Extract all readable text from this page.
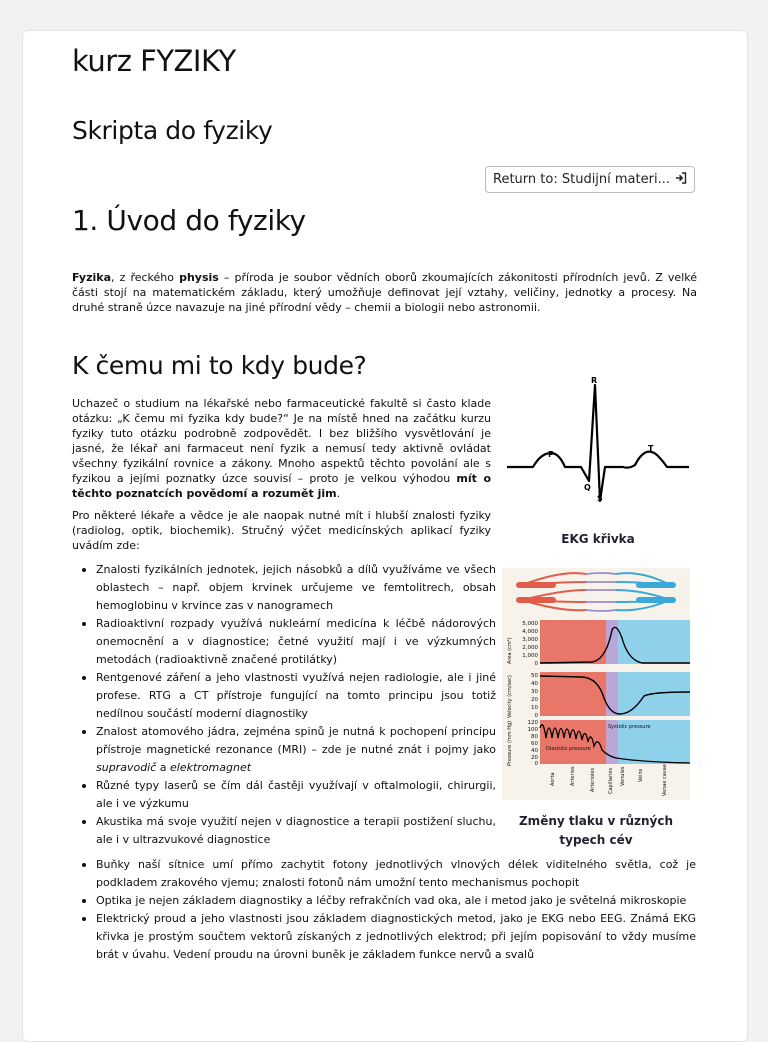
kurz FYZIKY
Skripta do fyziky
Return to: Studijní materi...
1. Úvod do fyziky

Fyzika, z řeckého physis – příroda je soubor vědních oborů zkoumajících zákonitosti přírodních jevů. Z velké části stojí na matematickém základu, který umožňuje definovat její vztahy, veličiny, jednotky a procesy. Na druhé straně úzce navazuje na jiné přírodní vědy – chemii a biologii nebo astronomii.

K čemu mi to kdy bude?

Uchazeč o studium na lékařské nebo farmaceutické fakultě si často klade otázku: „K čemu mi fyzika kdy bude?“ Je na místě hned na začátku kurzu fyziky tuto otázku podrobně zodpovědět. I bez bližšího vysvětlování je jasné, že lékař ani farmaceut není fyzik a nemusí tedy aktivně ovládat všechny fyzikální rovnice a zákony. Mnoho aspektů těchto povolání ale s fyzikou a jejími poznatky úzce souvisí – proto je velkou výhodou mít o těchto poznatcích povědomí a rozumět jim.

Pro některé lékaře a vědce je ale naopak nutné mít i hlubší znalosti fyziky (radiolog, optik, biochemik). Stručný výčet medicínských aplikací fyziky uvádím zde:

R
P
T
Q
S
EKG křivka
5,000
4,000
3,000
2,000
1,000
0
50
40
30
20
10
0
120
100
80
60
40
20
0
Area (cm²)
Velocity (cm/sec)
Pressure (mm Hg)	Systolic pressure
Diastolic pressure
Aorta	Arteries	Arterioles Capillaries Venules Veins	Venae cavae
Změny tlaku v různých typech cév
Znalosti fyzikálních jednotek, jejich násobků a dílů využíváme ve všech oblastech – např. objem krvinek určujeme ve femtolitrech, obsah hemoglobinu v krvince zas v nanogramech
Radioaktivní rozpady využívá nukleární medicína k léčbě nádorových onemocnění a v diagnostice; četné využití mají i ve výzkumných metodách (radioaktivně značené protilátky)
Rentgenové záření a jeho vlastnosti využívá nejen radiologie, ale i jiné profese. RTG a CT přístroje fungující na tomto principu jsou totiž nedílnou součástí moderní diagnostiky
Znalost atomového jádra, zejména spinů je nutná k pochopení principu přístroje magnetické rezonance (MRI) – zde je nutné znát i pojmy jako supravodič a elektromagnet
Různé typy laserů se čím dál častěji využívají v oftalmologii, chirurgii, ale i ve výzkumu
Akustika má svoje využití nejen v diagnostice a terapii postižení sluchu, ale i v ultrazvukové diagnostice
Buňky naší sítnice umí přímo zachytit fotony jednotlivých vlnových délek viditelného světla, což je podkladem zrakového vjemu; znalosti fotonů nám umožní tento mechanismus pochopit
Optika je nejen základem diagnostiky a léčby refrakčních vad oka, ale i metod jako je světelná mikroskopie
Elektrický proud a jeho vlastnosti jsou základem diagnostických metod, jako je EKG nebo EEG. Známá EKG křivka je prostým součtem vektorů získaných z jednotlivých elektrod; při jejím popisování to vždy musíme brát v úvahu. Vedení proudu na úrovni buněk je základem funkce nervů a svalů
